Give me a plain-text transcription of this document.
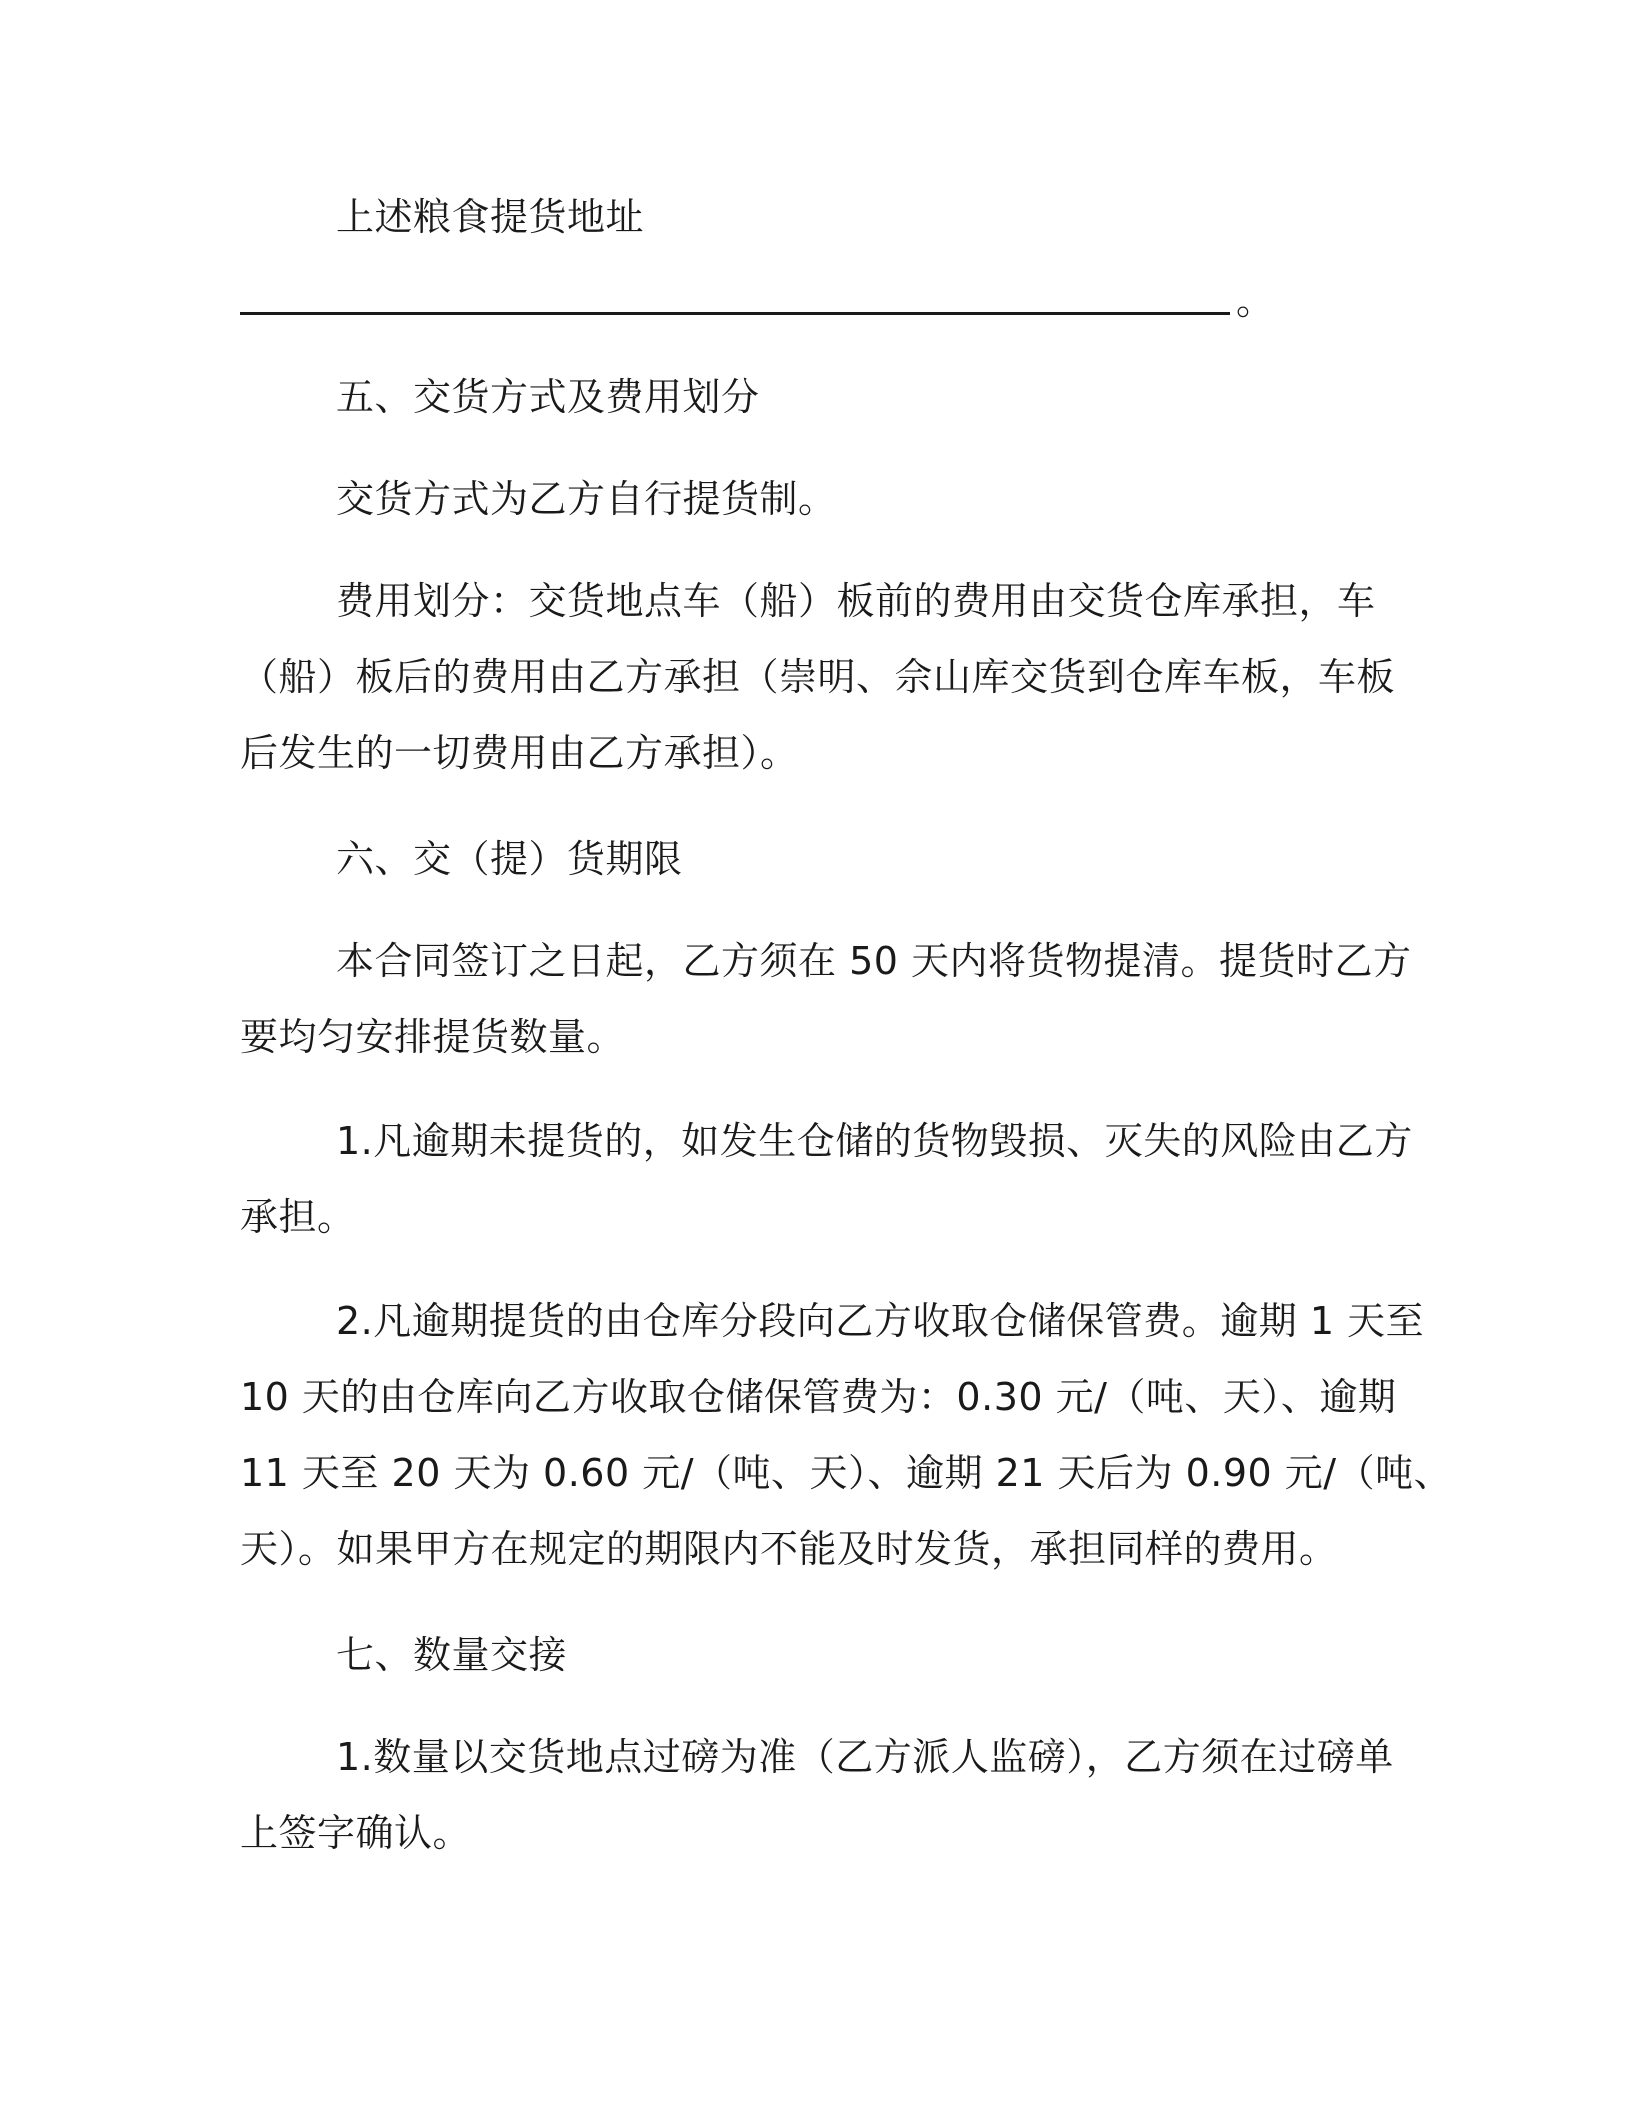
上述粮食提货地址

。

五、交货方式及费用划分

交货方式为乙方自行提货制。

费用划分：交货地点车（船）板前的费用由交货仓库承担，车

（船）板后的费用由乙方承担（崇明、佘山库交货到仓库车板，车板

后发生的一切费用由乙方承担）。

六、交（提）货期限

本合同签订之日起，乙方须在 50 天内将货物提清。提货时乙方

要均匀安排提货数量。

1.凡逾期未提货的，如发生仓储的货物毁损、灭失的风险由乙方

承担。

2.凡逾期提货的由仓库分段向乙方收取仓储保管费。逾期 1 天至

10 天的由仓库向乙方收取仓储保管费为：0.30 元/（吨、天）、逾期

11 天至 20 天为 0.60 元/（吨、天）、逾期 21 天后为 0.90 元/（吨、

天）。如果甲方在规定的期限内不能及时发货，承担同样的费用。

七、数量交接

1.数量以交货地点过磅为准（乙方派人监磅），乙方须在过磅单

上签字确认。
